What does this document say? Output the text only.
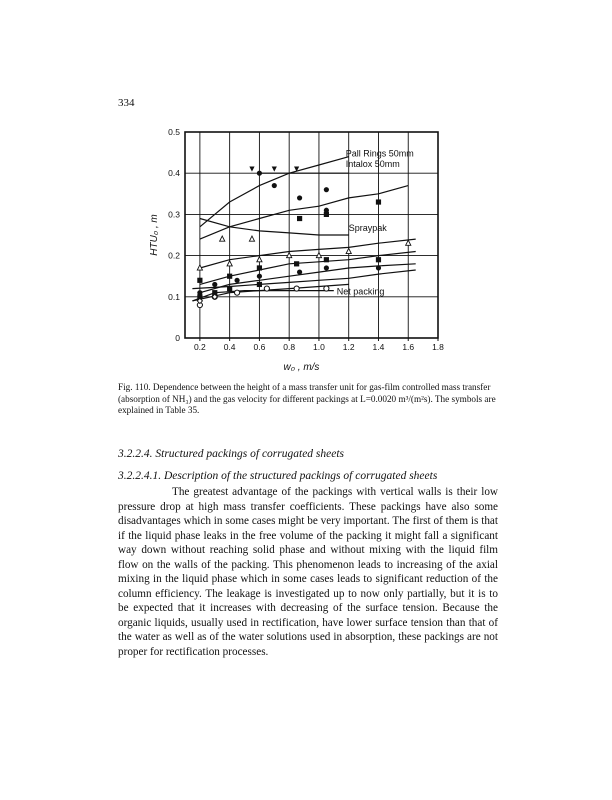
334
0.2 0.4 0.6 0.8 1.0 1.2 1.4 1.6 1.8
0
0.1
0.2
0.3
0.4
0.5
w₀ , m/s
HTU₀ , m
Pall Rings 50mm
Intalox 50mm
Spraypak
Net packing
Fig. 110. Dependence between the height of a mass transfer unit for gas-film controlled mass transfer (absorption of NH₃) and the gas velocity for different packings at L=0.0020 m³/(m²s). The symbols are explained in Table 35.
3.2.2.4. Structured packings of corrugated sheets
3.2.2.4.1. Description of the structured packings of corrugated sheets
The greatest advantage of the packings with vertical walls is their low pressure drop at high mass transfer coefficients. These packings have also some disadvantages which in some cases might be very important. The first of them is that if the liquid phase leaks in the free volume of the packing it might fall a significant way down without reaching solid phase and without mixing with the liquid film flow on the walls of the packing. This phenomenon leads to increasing of the axial mixing in the liquid phase which in some cases leads to significant reduction of the column efficiency. The leakage is investigated up to now only partially, but it is to be expected that it increases with decreasing of the surface tension. Because the organic liquids, usually used in rectification, have lower surface tension than that of the water as well as of the water solutions used in absorption, these packings are not proper for rectification processes.
